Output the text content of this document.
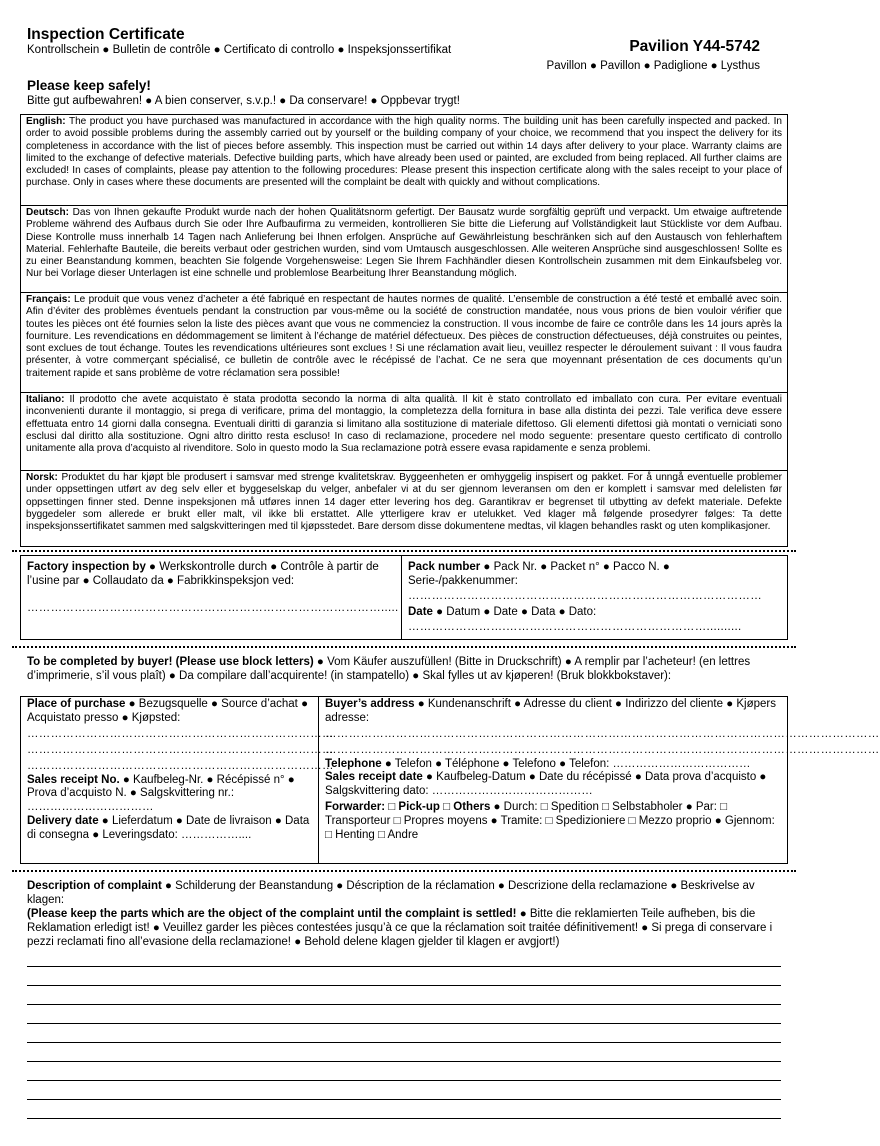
Inspection Certificate
Kontrollschein ● Bulletin de contrôle ● Certificato di controllo ● Inspeksjonssertifikat	Pavilion Y44-5742
Pavillon ● Pavillon ● Padiglione ● Lysthus
Please keep safely!
Bitte gut aufbewahren! ● A bien conserver, s.v.p.! ● Da conservare! ● Oppbevar trygt!
English: The product you have purchased was manufactured in accordance with the high quality norms. The building unit has been carefully inspected and packed. In order to avoid possible problems during the assembly carried out by yourself or the building company of your choice, we recommend that you inspect the delivery for its completeness in accordance with the list of pieces before assembly. This inspection must be carried out within 14 days after delivery to your place. Warranty claims are limited to the exchange of defective materials. Defective building parts, which have already been used or painted, are excluded from being replaced. All further claims are excluded! In cases of complaints, please pay attention to the following procedures: Please present this inspection certificate along with the sales receipt to your place of purchase. Only in cases where these documents are presented will the complaint be dealt with quickly and without complications.
Deutsch: Das von Ihnen gekaufte Produkt wurde nach der hohen Qualitätsnorm gefertigt. Der Bausatz wurde sorgfältig geprüft und verpackt. Um etwaige auftretende Probleme während des Aufbaus durch Sie oder Ihre Aufbaufirma zu vermeiden, kontrollieren Sie bitte die Lieferung auf Vollständigkeit laut Stückliste vor dem Aufbau. Diese Kontrolle muss innerhalb 14 Tagen nach Anlieferung bei Ihnen erfolgen. Ansprüche auf Gewährleistung beschränken sich auf den Austausch von fehlerhaftem Material. Fehlerhafte Bauteile, die bereits verbaut oder gestrichen wurden, sind vom Umtausch ausgeschlossen. Alle weiteren Ansprüche sind ausgeschlossen! Sollte es zu einer Beanstandung kommen, beachten Sie folgende Vorgehensweise: Legen Sie Ihrem Fachhändler diesen Kontrollschein zusammen mit dem Einkaufsbeleg vor. Nur bei Vorlage dieser Unterlagen ist eine schnelle und problemlose Bearbeitung Ihrer Beanstandung möglich.
Français: Le produit que vous venez d’acheter a été fabriqué en respectant de hautes normes de qualité. L’ensemble de construction a été testé et emballé avec soin. Afin d’éviter des problèmes éventuels pendant la construction par vous-même ou la société de construction mandatée, nous vous prions de bien vouloir vérifier que toutes les pièces ont été fournies selon la liste des pièces avant que vous ne commenciez la construction. Il vous incombe de faire ce contrôle dans les 14 jours après la fourniture. Les revendications en dédommagement se limitent à l’échange de matériel défectueux. Des pièces de construction défectueuses, déjà construites ou peintes, sont exclues de tout échange. Toutes les revendications ultérieures sont exclues ! Si une réclamation avait lieu, veuillez respecter le déroulement suivant : Il vous faudra présenter, à votre commerçant spécialisé, ce bulletin de contrôle avec le récépissé de l’achat. Ce ne sera que moyennant présentation de ces documents qu’un traitement rapide et sans problème de votre réclamation sera possible!
Italiano: Il prodotto che avete acquistato è stata prodotta secondo la norma di alta qualità. Il kit è stato controllato ed imballato con cura. Per evitare eventuali inconvenienti durante il montaggio, si prega di verificare, prima del montaggio, la completezza della fornitura in base alla distinta dei pezzi. Tale verifica deve essere effettuata entro 14 giorni dalla consegna. Eventuali diritti di garanzia si limitano alla sostituzione di materiale difettoso. Gli elementi difettosi già montati o verniciati sono esclusi dal diritto alla sostituzione. Ogni altro diritto resta escluso! In caso di reclamazione, procedere nel modo seguente: presentare questo certificato di controllo unitamente alla prova d’acquisto al rivenditore. Solo in questo modo la Sua reclamazione potrà essere evasa rapidamente e senza problemi.
Norsk: Produktet du har kjøpt ble produsert i samsvar med strenge kvalitetskrav. Byggeenheten er omhyggelig inspisert og pakket. For å unngå eventuelle problemer under oppsettingen utført av deg selv eller et byggeselskap du velger, anbefaler vi at du ser gjennom leveransen om den er komplett i samsvar med delelisten før oppsettingen finner sted. Denne inspeksjonen må utføres innen 14 dager etter levering hos deg. Garantikrav er begrenset til utbytting av defekt materiale. Defekte byggedeler som allerede er brukt eller malt, vil ikke bli erstattet. Alle ytterligere krav er utelukket. Ved klager må følgende prosedyrer følges: Ta dette inspeksjonssertifikatet sammen med salgskvitteringen med til kjøpsstedet. Bare dersom disse dokumentene medtas, vil klagen behandles raskt og uten komplikasjoner.
Factory inspection by ● Werkskontrolle durch ● Contrôle à partir de l’usine par ● Collaudato da ● Fabrikkinspeksjon ved:
……………………………………………………………………………….....
Pack number ● Pack Nr. ● Packet n° ● Pacco N. ● Serie-/pakkenummer:
………………………………………………………………………………
Date ● Datum ● Date ● Data ● Dato:
…………………….……………………………………………..........
To be completed by buyer! (Please use block letters) ● Vom Käufer auszufüllen! (Bitte in Druckschrift) ● A remplir par l’acheteur! (en lettres d’imprimerie, s’il vous plaît) ● Da compilare dall’acquirente! (in stampatello) ● Skal fylles ut av kjøperen! (Bruk blokkbokstaver):
Place of purchase ● Bezugsquelle ● Source d’achat ● Acquistato presso ● Kjøpsted:
……………………………………………………………………
……………………………………………………………………
……………………………………………………………………
Sales receipt No. ● Kaufbeleg-Nr. ● Récépissé n° ● Prova d’acquisto N. ● Salgskvittering nr.: ……………………………
Delivery date ● Lieferdatum ● Date de livraison ● Data di consegna ● Leveringsdato: ……………....
Buyer’s address ● Kundenanschrift ● Adresse du client ● Indirizzo del cliente ● Kjøpers adresse:
……………………………………………………………………………………………………………………………
……………………………………………………………………………………………………………………………
Telephone ● Telefon ● Téléphone ● Telefono ● Telefon: ………………………………
Sales receipt date ● Kaufbeleg-Datum ● Date du récépissé ● Data prova d’acquisto ● Salgskvittering dato: ……………………………………
Forwarder: □ Pick-up □ Others ● Durch: □ Spedition □ Selbstabholer ● Par: □ Transporteur □ Propres moyens ● Tramite: □ Spedizioniere □ Mezzo proprio ● Gjennom: □ Henting □ Andre
Description of complaint ● Schilderung der Beanstandung ● Déscription de la réclamation ● Descrizione della reclamazione ● Beskrivelse av klagen:
(Please keep the parts which are the object of the complaint until the complaint is settled! ● Bitte die reklamierten Teile aufheben, bis die Reklamation erledigt ist! ● Veuillez garder les pièces contestées jusqu’à ce que la réclamation soit traitée définitivement! ● Si prega di conservare i pezzi reclamati fino all’evasione della reclamazione! ● Behold delene klagen gjelder til klagen er avgjort!)
